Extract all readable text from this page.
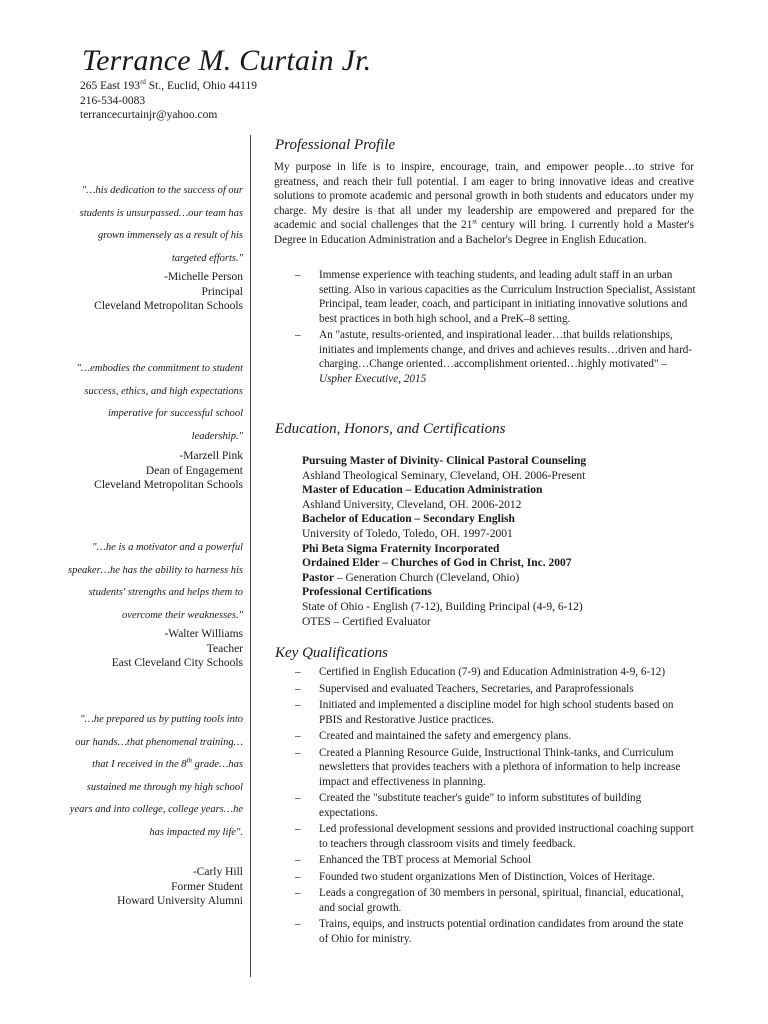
Terrance M. Curtain Jr.
265 East 193rd St., Euclid, Ohio 44119
216-534-0083
terrancecurtainjr@yahoo.com
"…his dedication to the success of our students is unsurpassed…our team has grown immensely as a result of his targeted efforts."
-Michelle Person
Principal
Cleveland Metropolitan Schools
"…embodies the commitment to student success, ethics, and high expectations imperative for successful school leadership."
-Marzell Pink
Dean of Engagement
Cleveland Metropolitan Schools
"…he is a motivator and a powerful speaker…he has the ability to harness his students' strengths and helps them to overcome their weaknesses."
-Walter Williams
Teacher
East Cleveland City Schools
"…he prepared us by putting tools into our hands…that phenomenal training… that I received in the 8th grade…has sustained me through my high school years and into college, college years…he has impacted my life".
-Carly Hill
Former Student
Howard University Alumni
Professional Profile
My purpose in life is to inspire, encourage, train, and empower people…to strive for greatness, and reach their full potential. I am eager to bring innovative ideas and creative solutions to promote academic and personal growth in both students and educators under my charge. My desire is that all under my leadership are empowered and prepared for the academic and social challenges that the 21st century will bring. I currently hold a Master's Degree in Education Administration and a Bachelor's Degree in English Education.
– Immense experience with teaching students, and leading adult staff in an urban setting. Also in various capacities as the Curriculum Instruction Specialist, Assistant Principal, team leader, coach, and participant in initiating innovative solutions and best practices in both high school, and a PreK–8 setting.
– An "astute, results-oriented, and inspirational leader…that builds relationships, initiates and implements change, and drives and achieves results…driven and hard-charging…Change oriented…accomplishment oriented…highly motivated" – Uspher Executive, 2015
Education, Honors, and Certifications
Pursuing Master of Divinity- Clinical Pastoral Counseling
Ashland Theological Seminary, Cleveland, OH. 2006-Present
Master of Education – Education Administration
Ashland University, Cleveland, OH. 2006-2012
Bachelor of Education – Secondary English
University of Toledo, Toledo, OH. 1997-2001
Phi Beta Sigma Fraternity Incorporated
Ordained Elder – Churches of God in Christ, Inc. 2007
Pastor – Generation Church (Cleveland, Ohio)
Professional Certifications
State of Ohio - English (7-12), Building Principal (4-9, 6-12)
OTES – Certified Evaluator
Key Qualifications
– Certified in English Education (7-9) and Education Administration 4-9, 6-12)
– Supervised and evaluated Teachers, Secretaries, and Paraprofessionals
– Initiated and implemented a discipline model for high school students based on PBIS and Restorative Justice practices.
– Created and maintained the safety and emergency plans.
– Created a Planning Resource Guide, Instructional Think-tanks, and Curriculum newsletters that provides teachers with a plethora of information to help increase impact and effectiveness in planning.
– Created the "substitute teacher's guide" to inform substitutes of building expectations.
– Led professional development sessions and provided instructional coaching support to teachers through classroom visits and timely feedback.
– Enhanced the TBT process at Memorial School
– Founded two student organizations Men of Distinction, Voices of Heritage.
– Leads a congregation of 30 members in personal, spiritual, financial, educational, and social growth.
– Trains, equips, and instructs potential ordination candidates from around the state of Ohio for ministry.
